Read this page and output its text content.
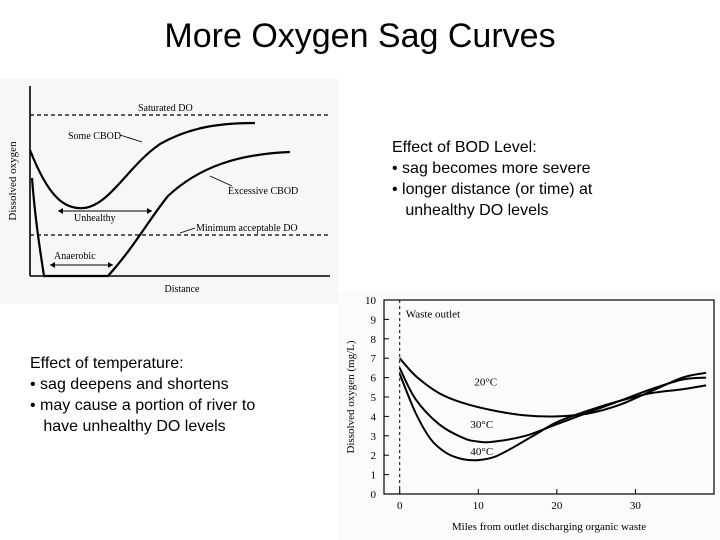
More Oxygen Sag Curves
Dissolved oxygen
Distance
Saturated DO
Some CBOD
Excessive CBOD
Unhealthy
Minimum acceptable DO
Anaerobic
0
1
2
3
4
5
6
7
8
9
10
0	10	20	30
Waste outlet
20°C
30°C
40°C
Miles from outlet discharging organic waste
Dissolved oxygen (mg/L)
Effect of BOD Level:
• sag becomes more severe
• longer distance (or time) at
unhealthy DO levels
Effect of temperature:
• sag deepens and shortens
• may cause a portion of river to
have unhealthy DO levels
